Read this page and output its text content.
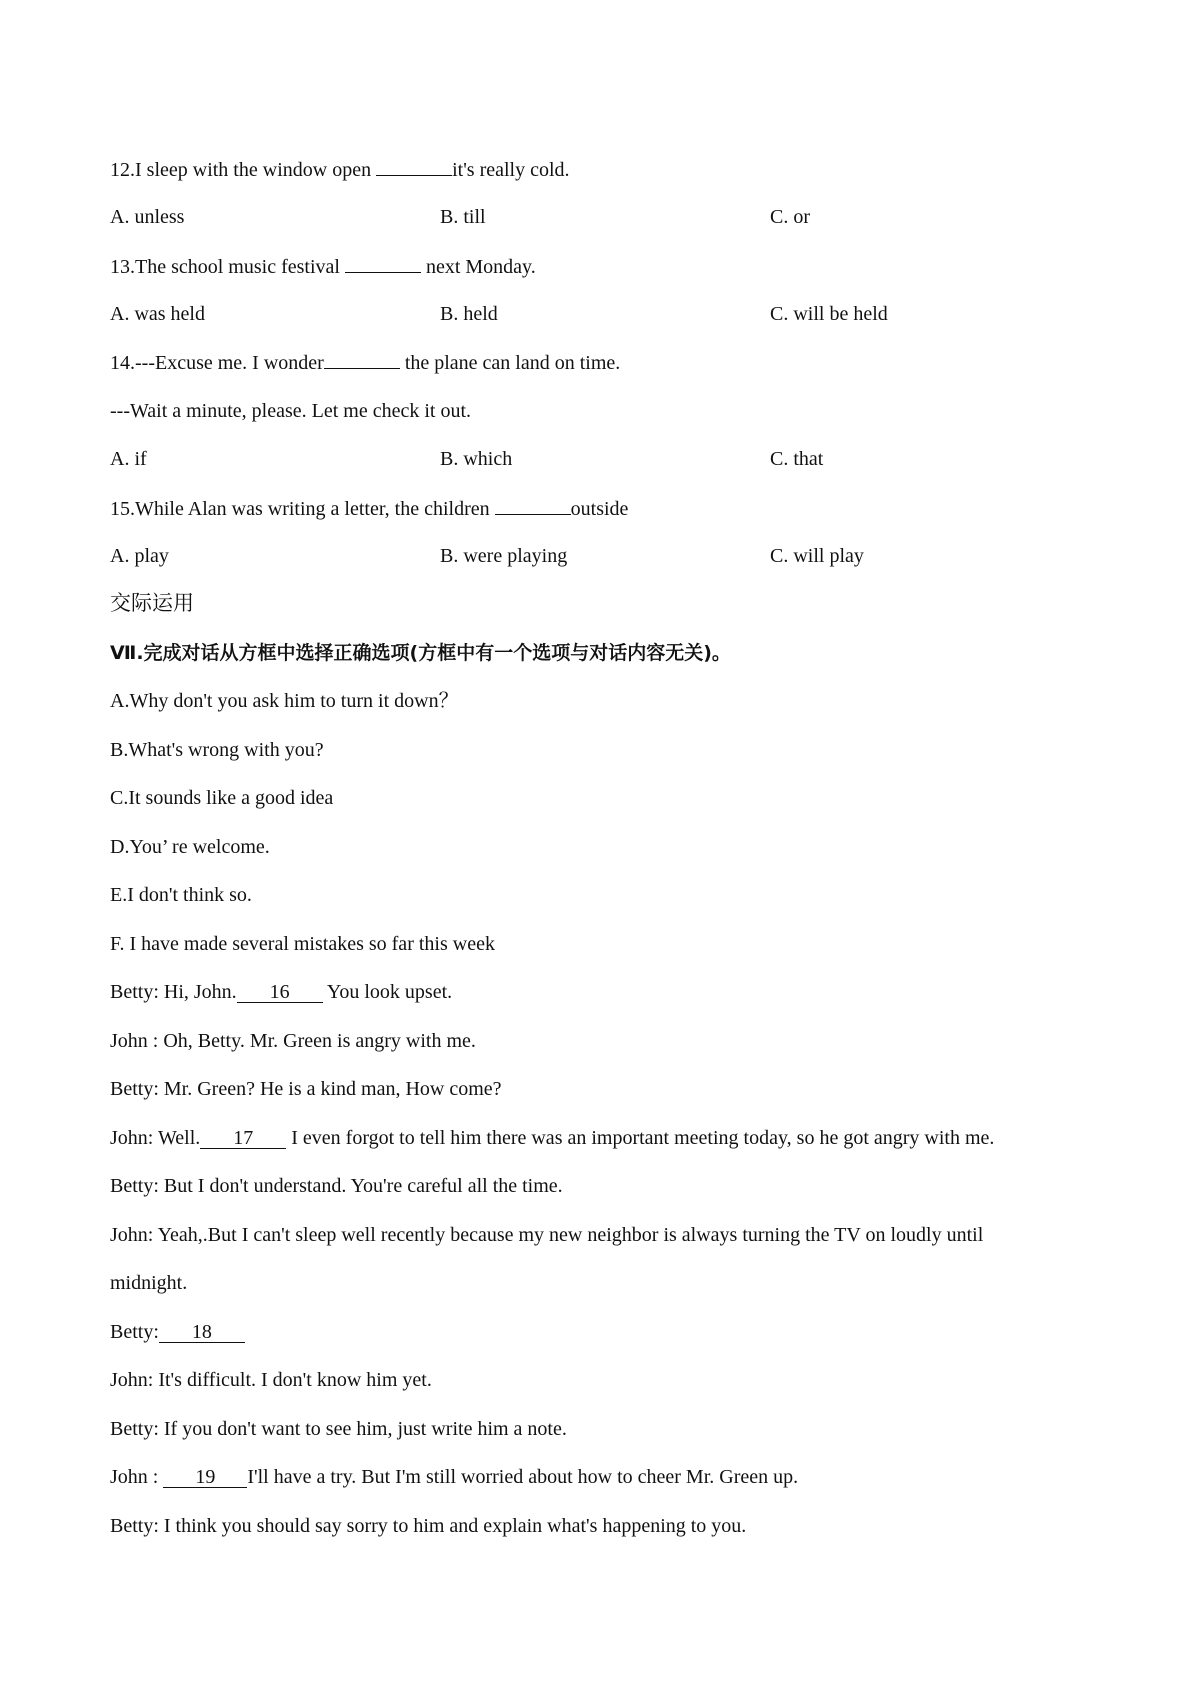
12.I sleep with the window open	it's really cold.
A. unless	B. till	C. or
13.The school music festival	next Monday.
A. was held	B. held	C. will be held
14.---Excuse me. I wonder	the plane can land on time.
---Wait a minute, please. Let me check it out.
A. if	B. which	C. that
15.While Alan was writing a letter, the children	outside
A. play	B. were playing	C. will play
交际运用
Ⅶ.完成对话从方框中选择正确选项(方框中有一个选项与对话内容无关)。
A.Why don't you ask him to turn it down？
B.What's wrong with you?
C.It sounds like a good idea
D.You’ re welcome.
E.I don't think so.
F. I have made several mistakes so far this week
Betty: Hi, John. 16 You look upset.
John : Oh, Betty. Mr. Green is angry with me.
Betty: Mr. Green? He is a kind man, How come?
John: Well. 17 I even forgot to tell him there was an important meeting today, so he got angry with me.
Betty: But I don't understand. You're careful all the time.
John: Yeah,.But I can't sleep well recently because my new neighbor is always turning the TV on loudly until
midnight.
Betty: 18
John: It's difficult. I don't know him yet.
Betty: If you don't want to see him, just write him a note.
John : 19 I'll have a try. But I'm still worried about how to cheer Mr. Green up.
Betty: I think you should say sorry to him and explain what's happening to you.
